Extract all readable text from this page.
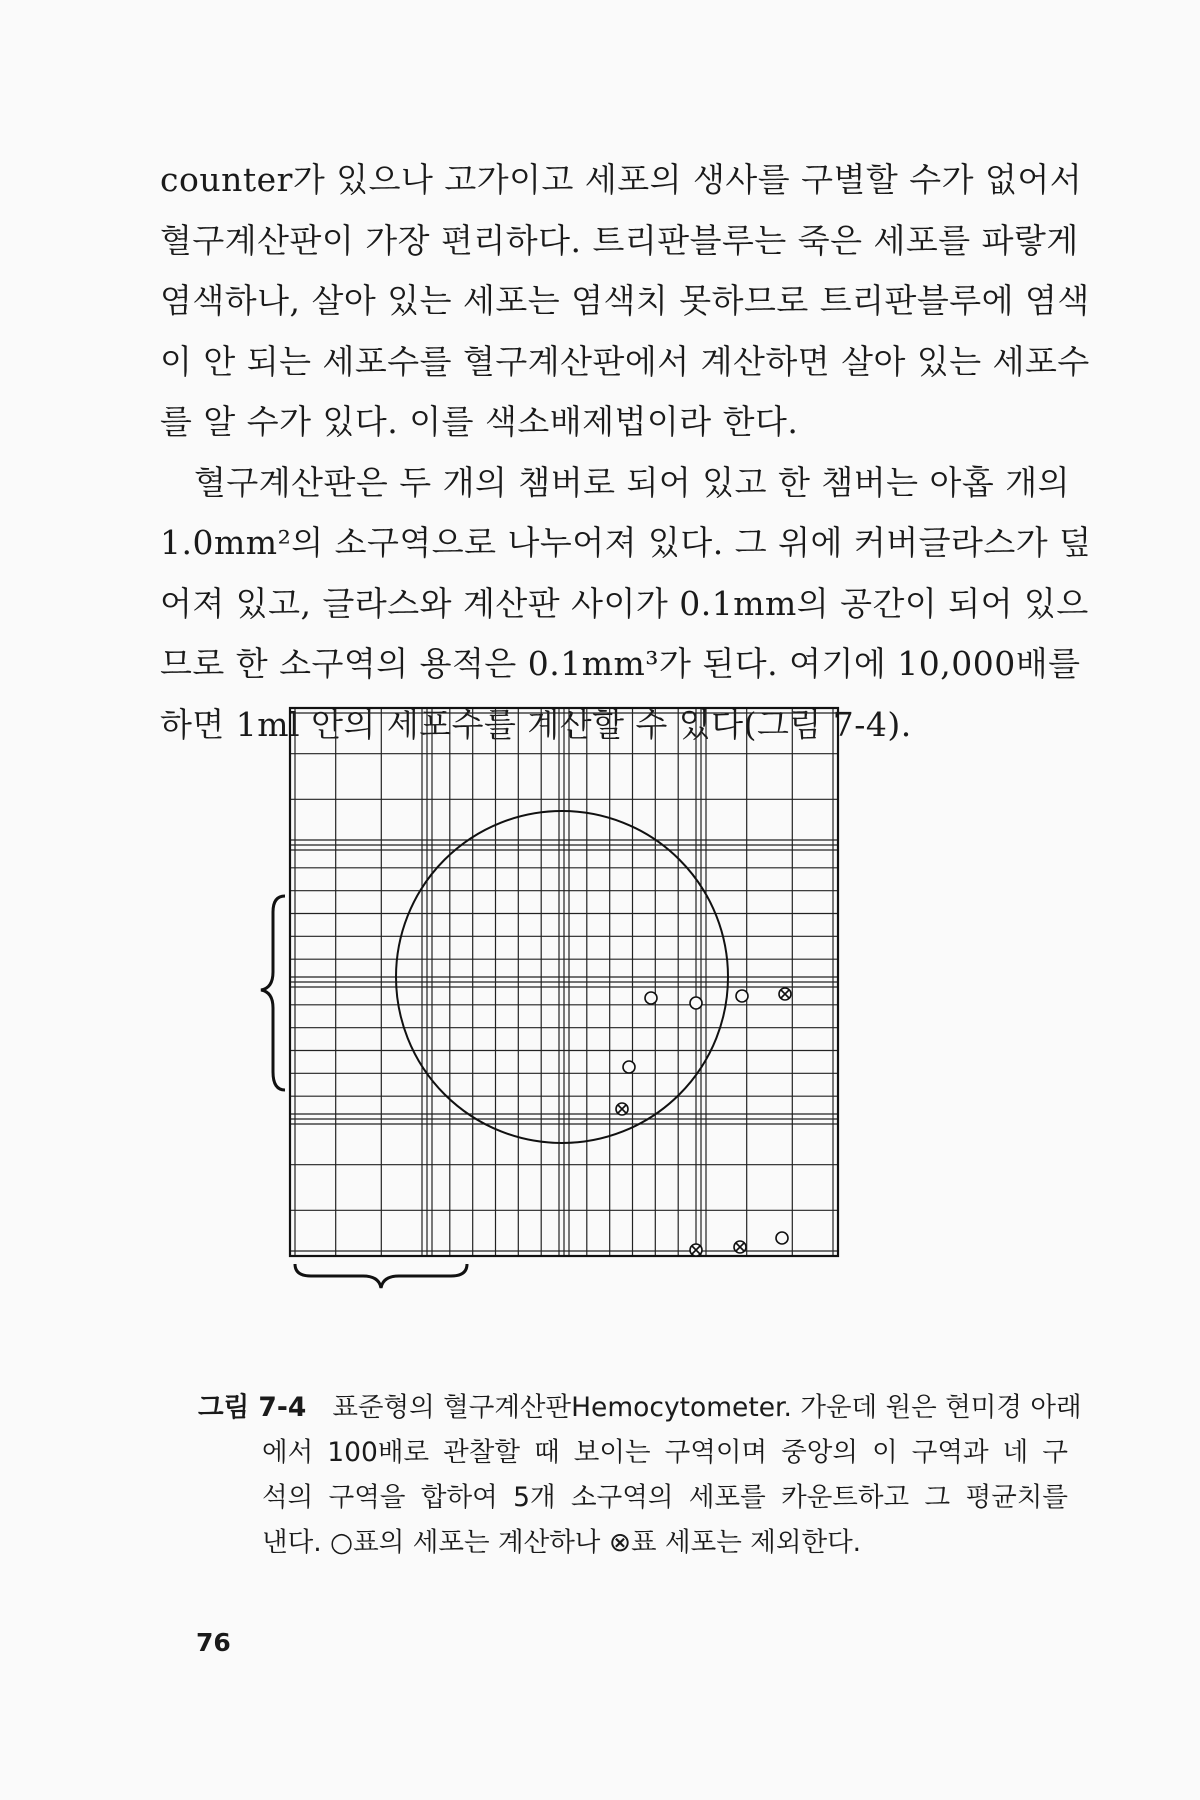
counter가 있으나 고가이고 세포의 생사를 구별할 수가 없어서

혈구계산판이 가장 편리하다. 트리판블루는 죽은 세포를 파랗게

염색하나, 살아 있는 세포는 염색치 못하므로 트리판블루에 염색

이 안 되는 세포수를 혈구계산판에서 계산하면 살아 있는 세포수

를 알 수가 있다. 이를 색소배제법이라 한다.

혈구계산판은 두 개의 챔버로 되어 있고 한 챔버는 아홉 개의

1.0mm²의 소구역으로 나누어져 있다. 그 위에 커버글라스가 덮

어져 있고, 글라스와 계산판 사이가 0.1mm의 공간이 되어 있으

므로 한 소구역의 용적은 0.1mm³가 된다. 여기에 10,000배를

하면 1ml 안의 세포수를 계산할 수 있다(그림 7-4).

그림 7-4 표준형의 혈구계산판Hemocytometer. 가운데 원은 현미경 아래
에서 100배로 관찰할 때 보이는 구역이며 중앙의 이 구역과 네 구
석의 구역을 합하여 5개 소구역의 세포를 카운트하고 그 평균치를
낸다. ○표의 세포는 계산하나 ⊗표 세포는 제외한다.
76
